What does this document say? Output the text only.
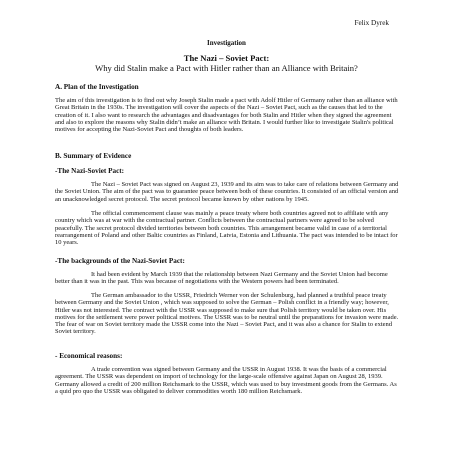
Felix Dyrek
Investigation
The Nazi – Soviet Pact:
Why did Stalin make a Pact with Hitler rather than an Alliance with Britain?
A. Plan of the Investigation

The aim of this investigation is to find out why Joseph Stalin made a pact with Adolf Hitler of Germany rather than an alliance with Great Britain in the 1930s. The investigation will cover the aspects of the Nazi – Soviet Pact, such as the causes that led to the creation of it. I also want to research the advantages and disadvantages for both Stalin and Hitler when they signed the agreement and also to explore the reasons why Stalin didn’t make an alliance with Britain. I would further like to investigate Stalin's political motives for accepting the Nazi-Soviet Pact and thoughts of both leaders.

B. Summary of Evidence
-The Nazi-Soviet Pact:

The Nazi – Soviet Pact was signed on August 23, 1939 and its aim was to take care of relations between Germany and the Soviet Union. The aim of the pact was to guarantee peace between both of these countries. It consisted of an official version and an unacknowledged secret protocol. The secret protocol became known by other nations by 1945.

The official commencement clause was mainly a peace treaty where both countries agreed not to affiliate with any country which was at war with the contractual partner. Conflicts between the contractual partners were agreed to be solved peacefully. The secret protocol divided territories between both countries. This arrangement became valid in case of a territorial rearrangement of Poland and other Baltic countries as Finland, Latvia, Estonia and Lithuania. The pact was intended to be intact for 10 years.

-The backgrounds of the Nazi-Soviet Pact:

It had been evident by March 1939 that the relationship between Nazi Germany and the Soviet Union had become better than it was in the past. This was because of negotiations with the Western powers had been terminated.

The German ambassador to the USSR, Friedrich Werner von der Schulenburg, had planned a truthful peace treaty between Germany and the Soviet Union , which was supposed to solve the German – Polish conflict in a friendly way; however, Hitler was not interested. The contract with the USSR was supposed to make sure that Polish territory would be taken over. His motives for the settlement were power political motives. The USSR was to be neutral until the preparations for invasion were made. The fear of war on Soviet territory made the USSR come into the Nazi – Soviet Pact, and it was also a chance for Stalin to extend Soviet territory.

- Economical reasons:

A trade convention was signed between Germany and the USSR in August 1938. It was the basis of a commercial agreement. The USSR was dependent on import of technology for the large-scale offensive against Japan on August 28, 1939. Germany allowed a credit of 200 million Reichsmark to the USSR, which was used to buy investment goods from the Germans. As a quid pro quo the USSR was obligated to deliver commodities worth 180 million Reichsmark.
